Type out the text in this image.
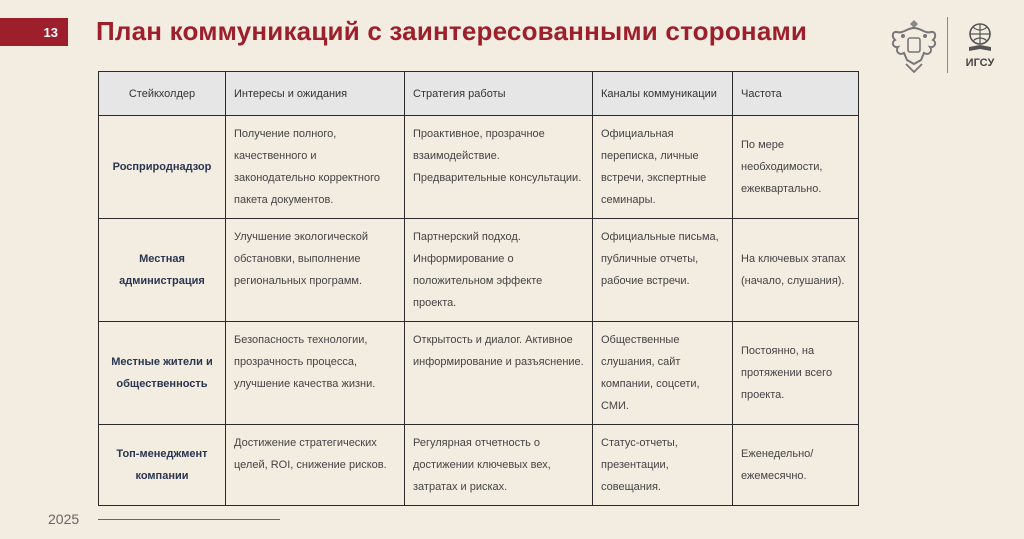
13	План коммуникаций с заинтересованными сторонами
ИГСУ
Стейкхолдер	Интересы и ожидания	Стратегия работы	Каналы коммуникации	Частота
Росприроднадзор	Получение полного, качественного и законодательно корректного пакета документов.	Проактивное, прозрачное взаимодействие. Предварительные консультации.	Официальная переписка, личные встречи, экспертные семинары.	По мере необходимости, ежеквартально.
Местная администрация	Улучшение экологической обстановки, выполнение региональных программ.	Партнерский подход. Информирование о положительном эффекте проекта.	Официальные письма, публичные отчеты, рабочие встречи.	На ключевых этапах (начало, слушания).
Местные жители и общественность	Безопасность технологии, прозрачность процесса, улучшение качества жизни.	Открытость и диалог. Активное информирование и разъяснение.	Общественные слушания, сайт компании, соцсети, СМИ.	Постоянно, на протяжении всего проекта.
Топ-менеджмент компании	Достижение стратегических целей, ROI, снижение рисков.	Регулярная отчетность о достижении ключевых вех, затратах и рисках.	Статус-отчеты, презентации, совещания.	Еженедельно/ежемесячно.
2025
